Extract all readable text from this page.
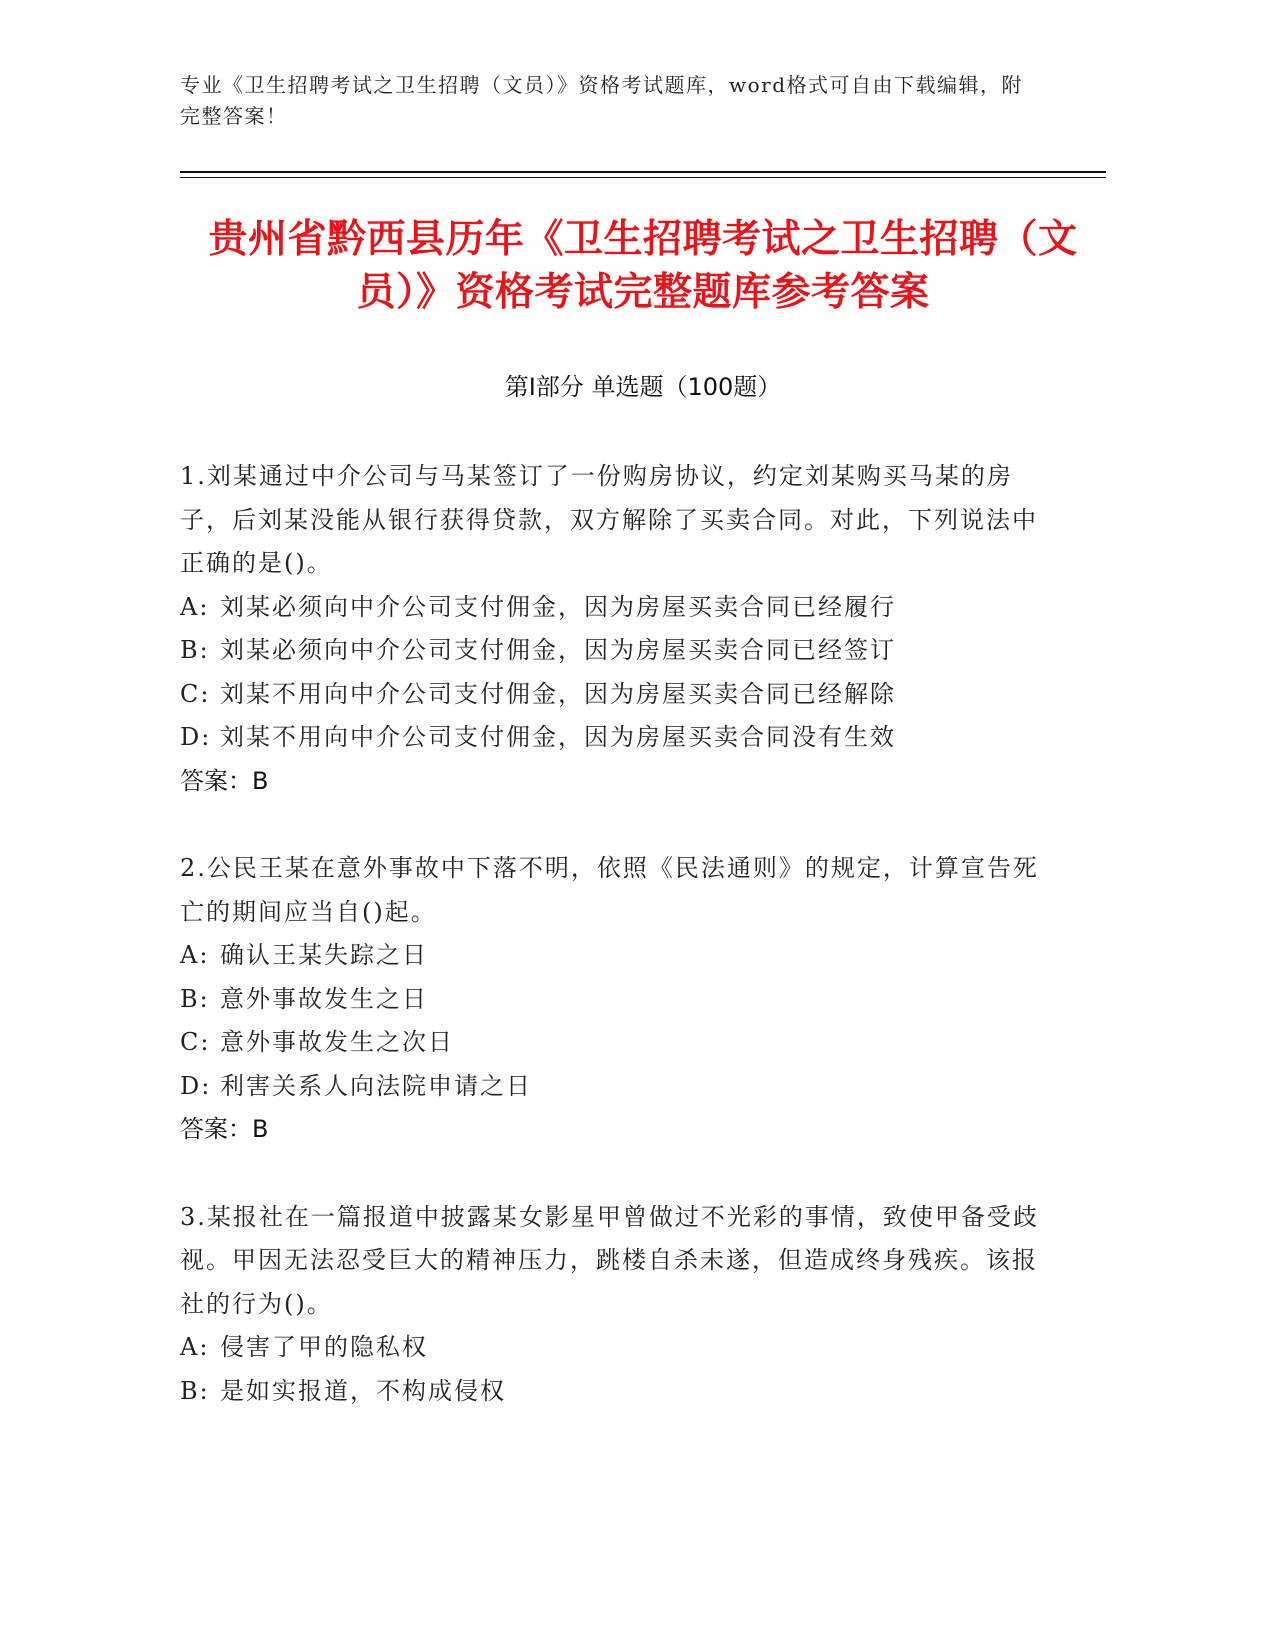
专业《卫生招聘考试之卫生招聘（文员）》资格考试题库，word格式可自由下载编辑，附完整答案！
贵州省黔西县历年《卫生招聘考试之卫生招聘（文员）》资格考试完整题库参考答案
第I部分 单选题（100题）
1.刘某通过中介公司与马某签订了一份购房协议，约定刘某购买马某的房子，后刘某没能从银行获得贷款，双方解除了买卖合同。对此，下列说法中正确的是()。
A: 刘某必须向中介公司支付佣金，因为房屋买卖合同已经履行
B: 刘某必须向中介公司支付佣金，因为房屋买卖合同已经签订
C: 刘某不用向中介公司支付佣金，因为房屋买卖合同已经解除
D: 刘某不用向中介公司支付佣金，因为房屋买卖合同没有生效
答案：B
2.公民王某在意外事故中下落不明，依照《民法通则》的规定，计算宣告死亡的期间应当自()起。
A: 确认王某失踪之日
B: 意外事故发生之日
C: 意外事故发生之次日
D: 利害关系人向法院申请之日
答案：B
3.某报社在一篇报道中披露某女影星甲曾做过不光彩的事情，致使甲备受歧视。甲因无法忍受巨大的精神压力，跳楼自杀未遂，但造成终身残疾。该报社的行为()。
A: 侵害了甲的隐私权
B: 是如实报道，不构成侵权
